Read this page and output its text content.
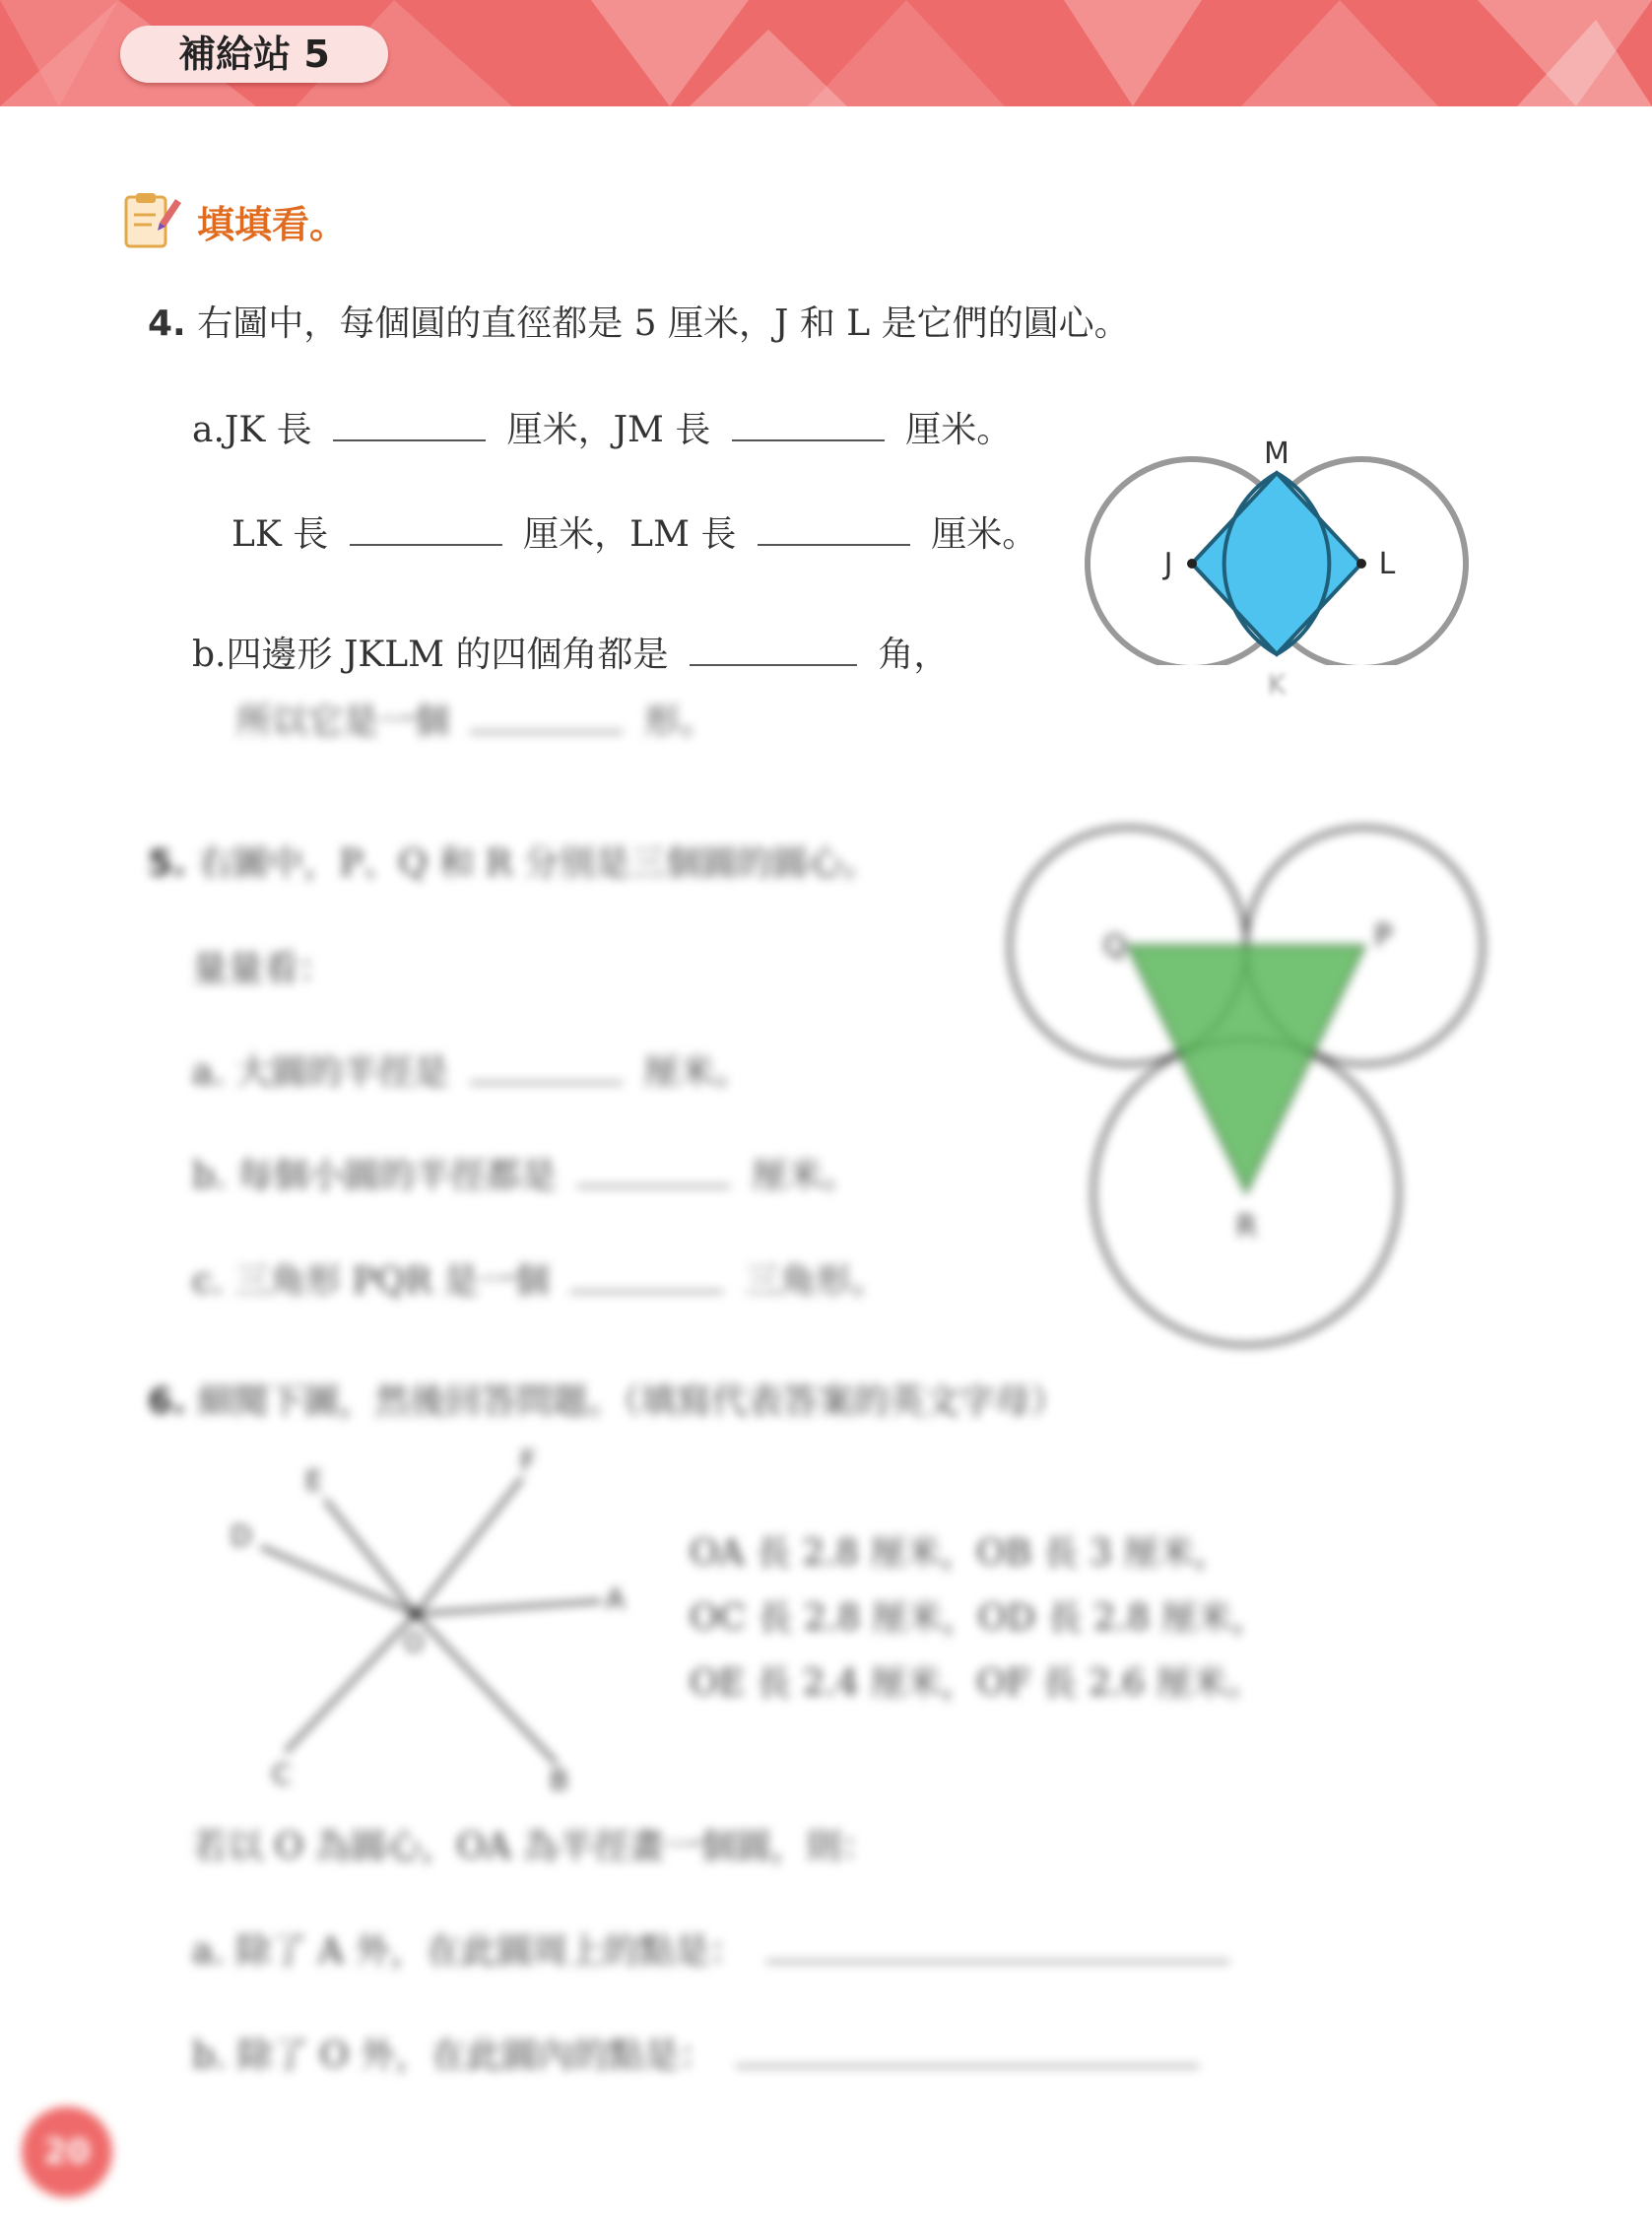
補給站 5
填填看。
4. 右圖中，每個圓的直徑都是 5 厘米，J 和 L 是它們的圓心。
a.JK 長	厘米，JM 長	厘米。
LK 長	厘米，LM 長	厘米。
b.四邊形 JKLM 的四個角都是	角，
所以它是一個	形。
M
J	L
K
5. 右圖中，P、Q 和 R 分別是三個圓的圓心。
量量看：
a. 大圓的半徑是	厘米。
b. 每個小圓的半徑都是	厘米。
c. 三角形 PQR 是一個	三角形。
Q	P
R
6. 細閱下圖，然後回答問題。（填寫代表答案的英文字母）
A
B
C
D
E
F
O
OA 長 2.8 厘米，OB 長 3 厘米，
OC 長 2.8 厘米，OD 長 2.8 厘米，
OE 長 2.4 厘米，OF 長 2.6 厘米。
若以 O 為圓心，OA 為半徑畫一個圓，則：
a. 除了 A 外，在此圓周上的點是：
b. 除了 O 外，在此圓內的點是：
20
